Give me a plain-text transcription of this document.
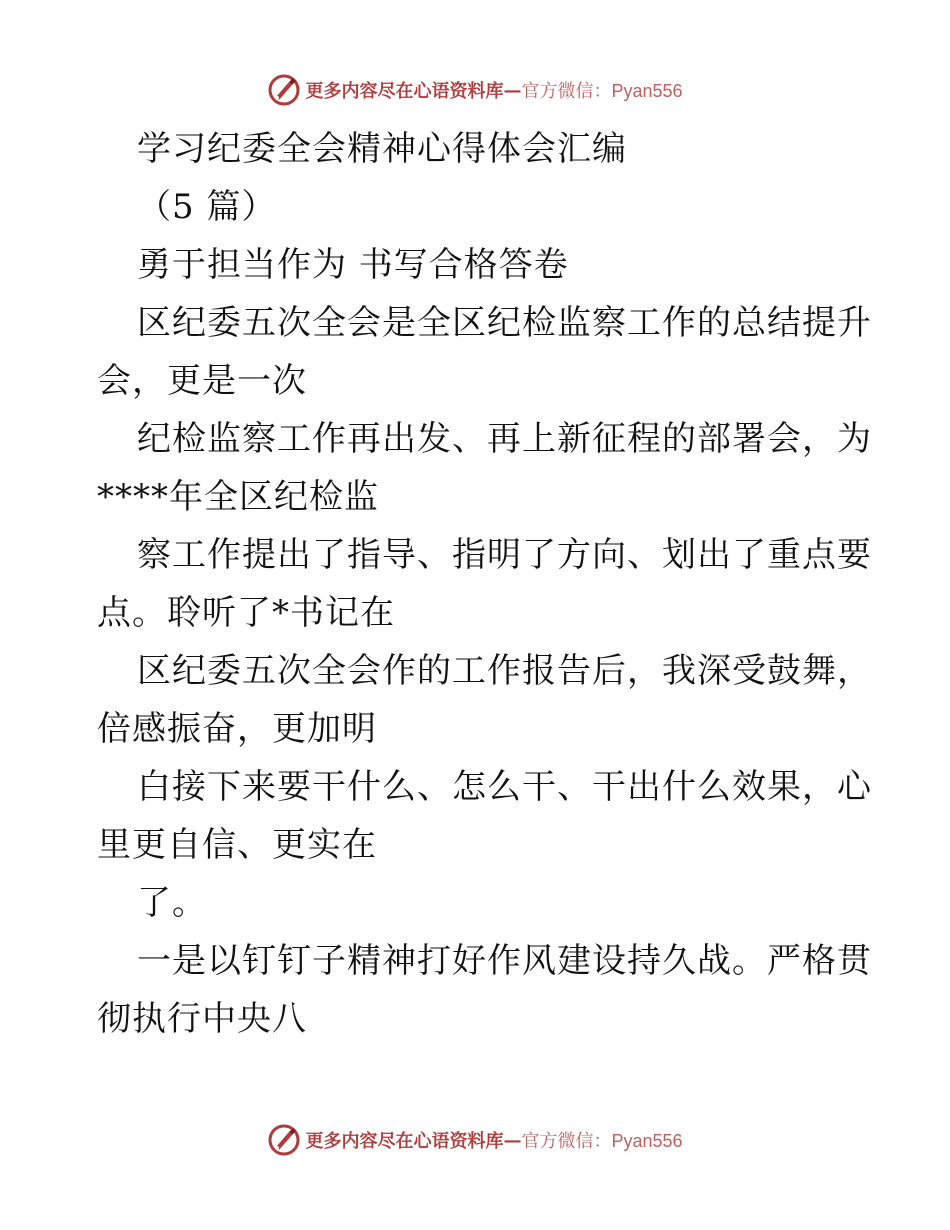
更多内容尽在心语资料库 — 官方微信：Pyan556
学习纪委全会精神心得体会汇编
（5 篇）
勇于担当作为 书写合格答卷
区纪委五次全会是全区纪检监察工作的总结提升
会，更是一次
纪检监察工作再出发、再上新征程的部署会，为
****年全区纪检监
察工作提出了指导、指明了方向、划出了重点要
点。聆听了*书记在
区纪委五次全会作的工作报告后，我深受鼓舞，
倍感振奋，更加明
白接下来要干什么、怎么干、干出什么效果，心
里更自信、更实在
了。
一是以钉钉子精神打好作风建设持久战。严格贯
彻执行中央八
更多内容尽在心语资料库 — 官方微信：Pyan556
